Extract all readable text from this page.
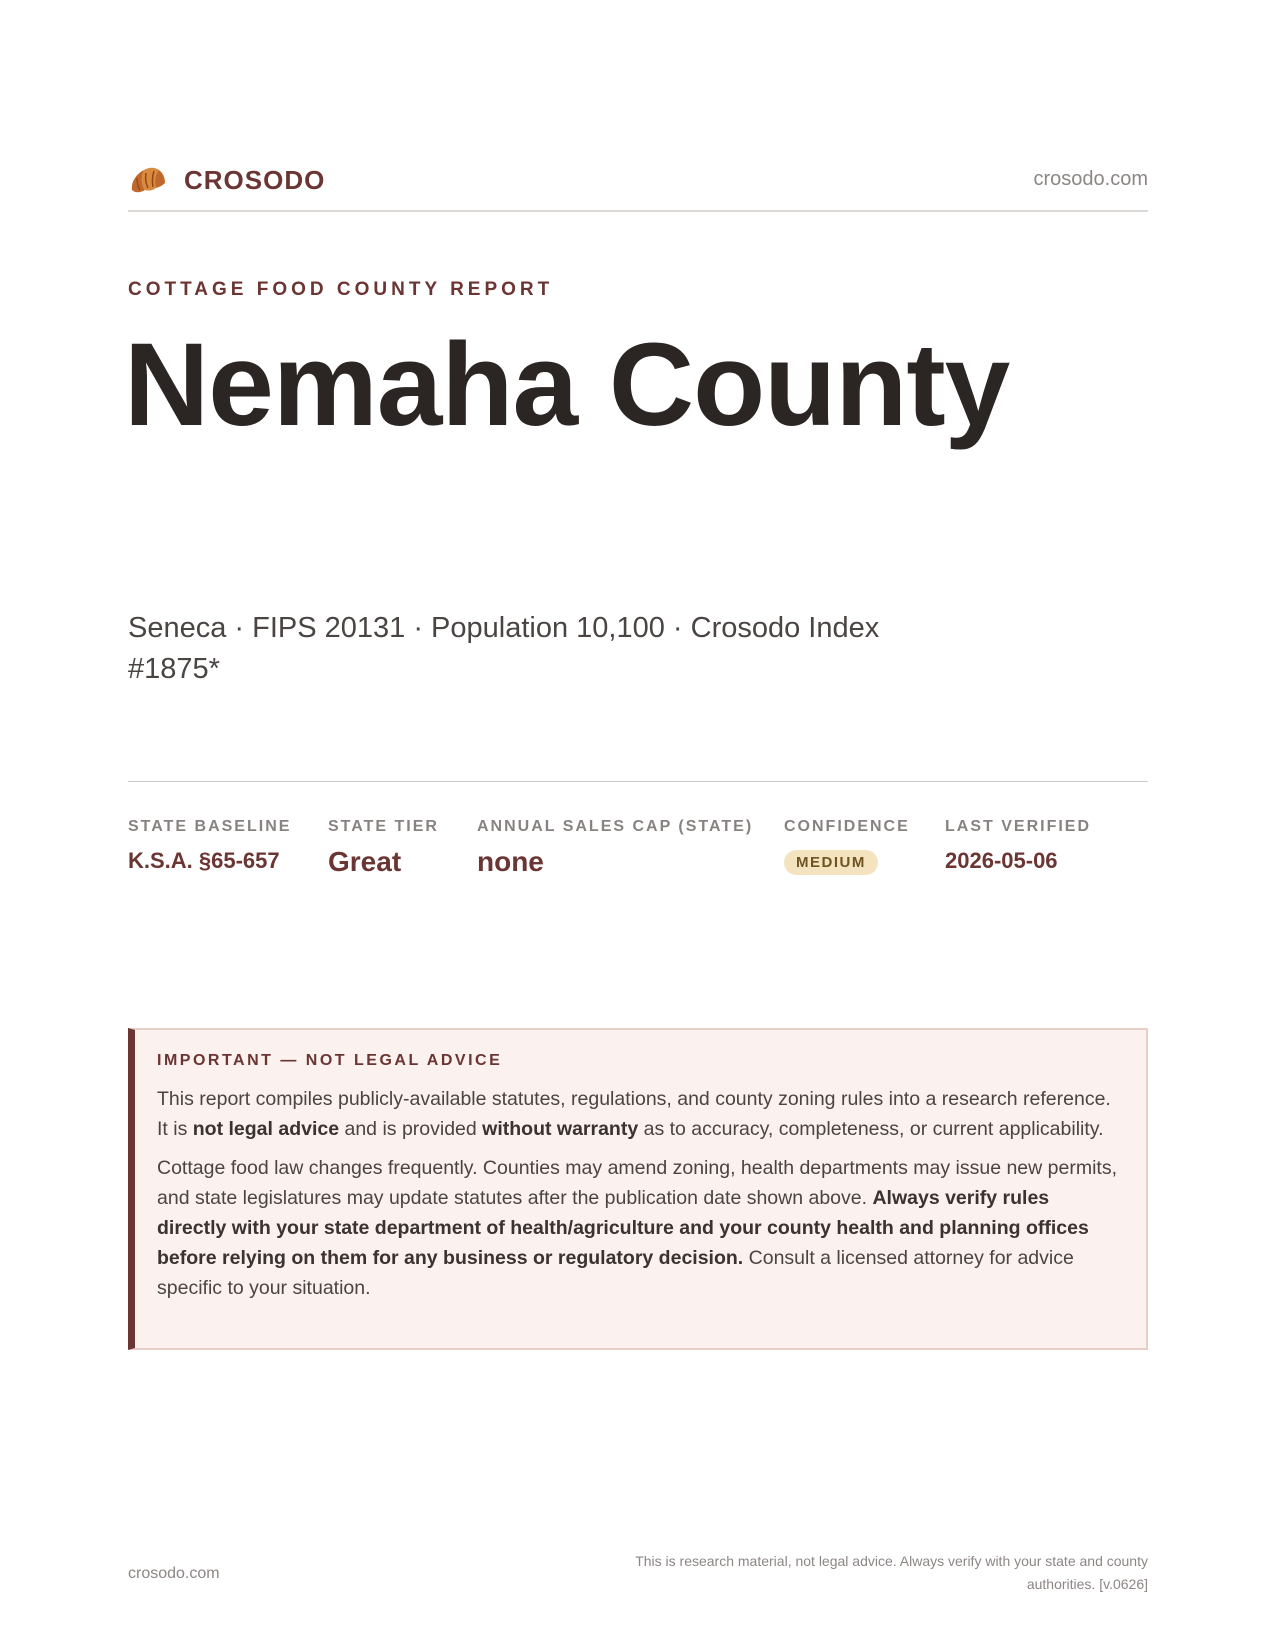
CROSODO	crosodo.com
COTTAGE FOOD COUNTY REPORT
Nemaha County
Seneca · FIPS 20131 · Population 10,100 · Crosodo Index #1875*
STATE BASELINE
K.S.A. §65-657
STATE TIER
Great
ANNUAL SALES CAP (STATE)
none
CONFIDENCE
MEDIUM
LAST VERIFIED
2026-05-06
IMPORTANT — NOT LEGAL ADVICE

This report compiles publicly-available statutes, regulations, and county zoning rules into a research reference. It is not legal advice and is provided without warranty as to accuracy, completeness, or current applicability.

Cottage food law changes frequently. Counties may amend zoning, health departments may issue new permits, and state legislatures may update statutes after the publication date shown above. Always verify rules directly with your state department of health/agriculture and your county health and planning offices before relying on them for any business or regulatory decision. Consult a licensed attorney for advice specific to your situation.

crosodo.com
This is research material, not legal advice. Always verify with your state and county authorities. [v.0626]
